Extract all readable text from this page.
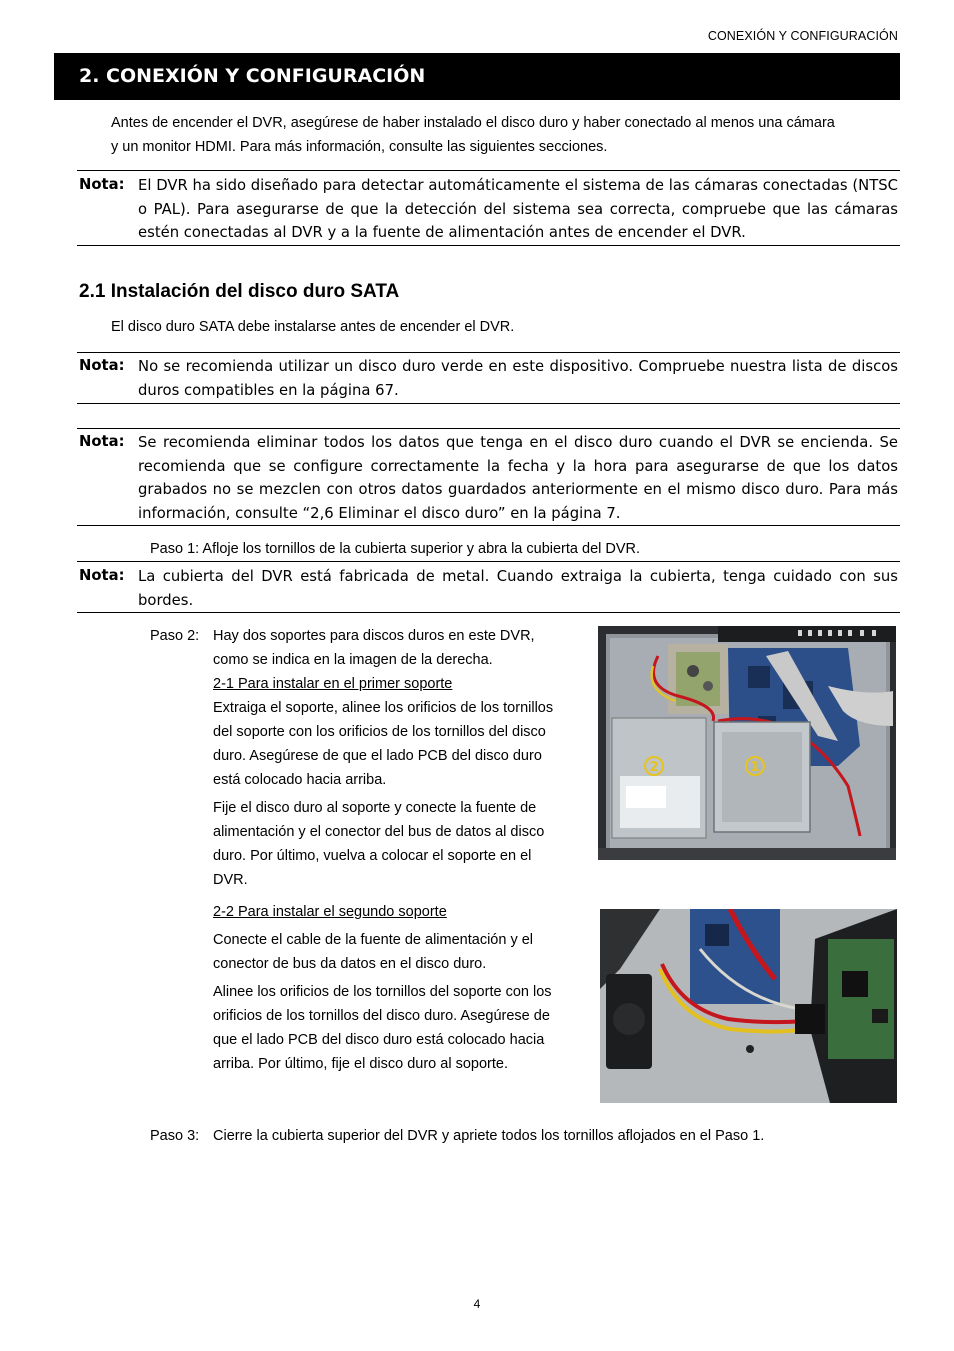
CONEXIÓN Y CONFIGURACIÓN
2. CONEXIÓN Y CONFIGURACIÓN
Antes de encender el DVR, asegúrese de haber instalado el disco duro y haber conectado al menos una cámara
y un monitor HDMI. Para más información, consulte las siguientes secciones.
Nota: El DVR ha sido diseñado para detectar automáticamente el sistema de las cámaras conectadas (NTSC o PAL). Para asegurarse de que la detección del sistema sea correcta, compruebe que las cámaras estén conectadas al DVR y a la fuente de alimentación antes de encender el DVR.
2.1 Instalación del disco duro SATA
El disco duro SATA debe instalarse antes de encender el DVR.
Nota: No se recomienda utilizar un disco duro verde en este dispositivo. Compruebe nuestra lista de discos duros compatibles en la página 67.
Nota: Se recomienda eliminar todos los datos que tenga en el disco duro cuando el DVR se encienda. Se recomienda que se configure correctamente la fecha y la hora para asegurarse de que los datos grabados no se mezclen con otros datos guardados anteriormente en el mismo disco duro. Para más información, consulte “2,6 Eliminar el disco duro” en la página 7.
Paso 1: Afloje los tornillos de la cubierta superior y abra la cubierta del DVR.
Nota: La cubierta del DVR está fabricada de metal. Cuando extraiga la cubierta, tenga cuidado con sus bordes.
Paso 2: Hay dos soportes para discos duros en este DVR,
como se indica en la imagen de la derecha.
2-1 Para instalar en el primer soporte
Extraiga el soporte, alinee los orificios de los tornillos
del soporte con los orificios de los tornillos del disco
duro. Asegúrese de que el lado PCB del disco duro
está colocado hacia arriba.
Fije el disco duro al soporte y conecte la fuente de
alimentación y el conector del bus de datos al disco
duro. Por último, vuelva a colocar el soporte en el
DVR.
2-2 Para instalar el segundo soporte
Conecte el cable de la fuente de alimentación y el
conector de bus da datos en el disco duro.
Alinee los orificios de los tornillos del soporte con los
orificios de los tornillos del disco duro. Asegúrese de
que el lado PCB del disco duro está colocado hacia
arriba. Por último, fije el disco duro al soporte.
2	1
Paso 3: Cierre la cubierta superior del DVR y apriete todos los tornillos aflojados en el Paso 1.
4
